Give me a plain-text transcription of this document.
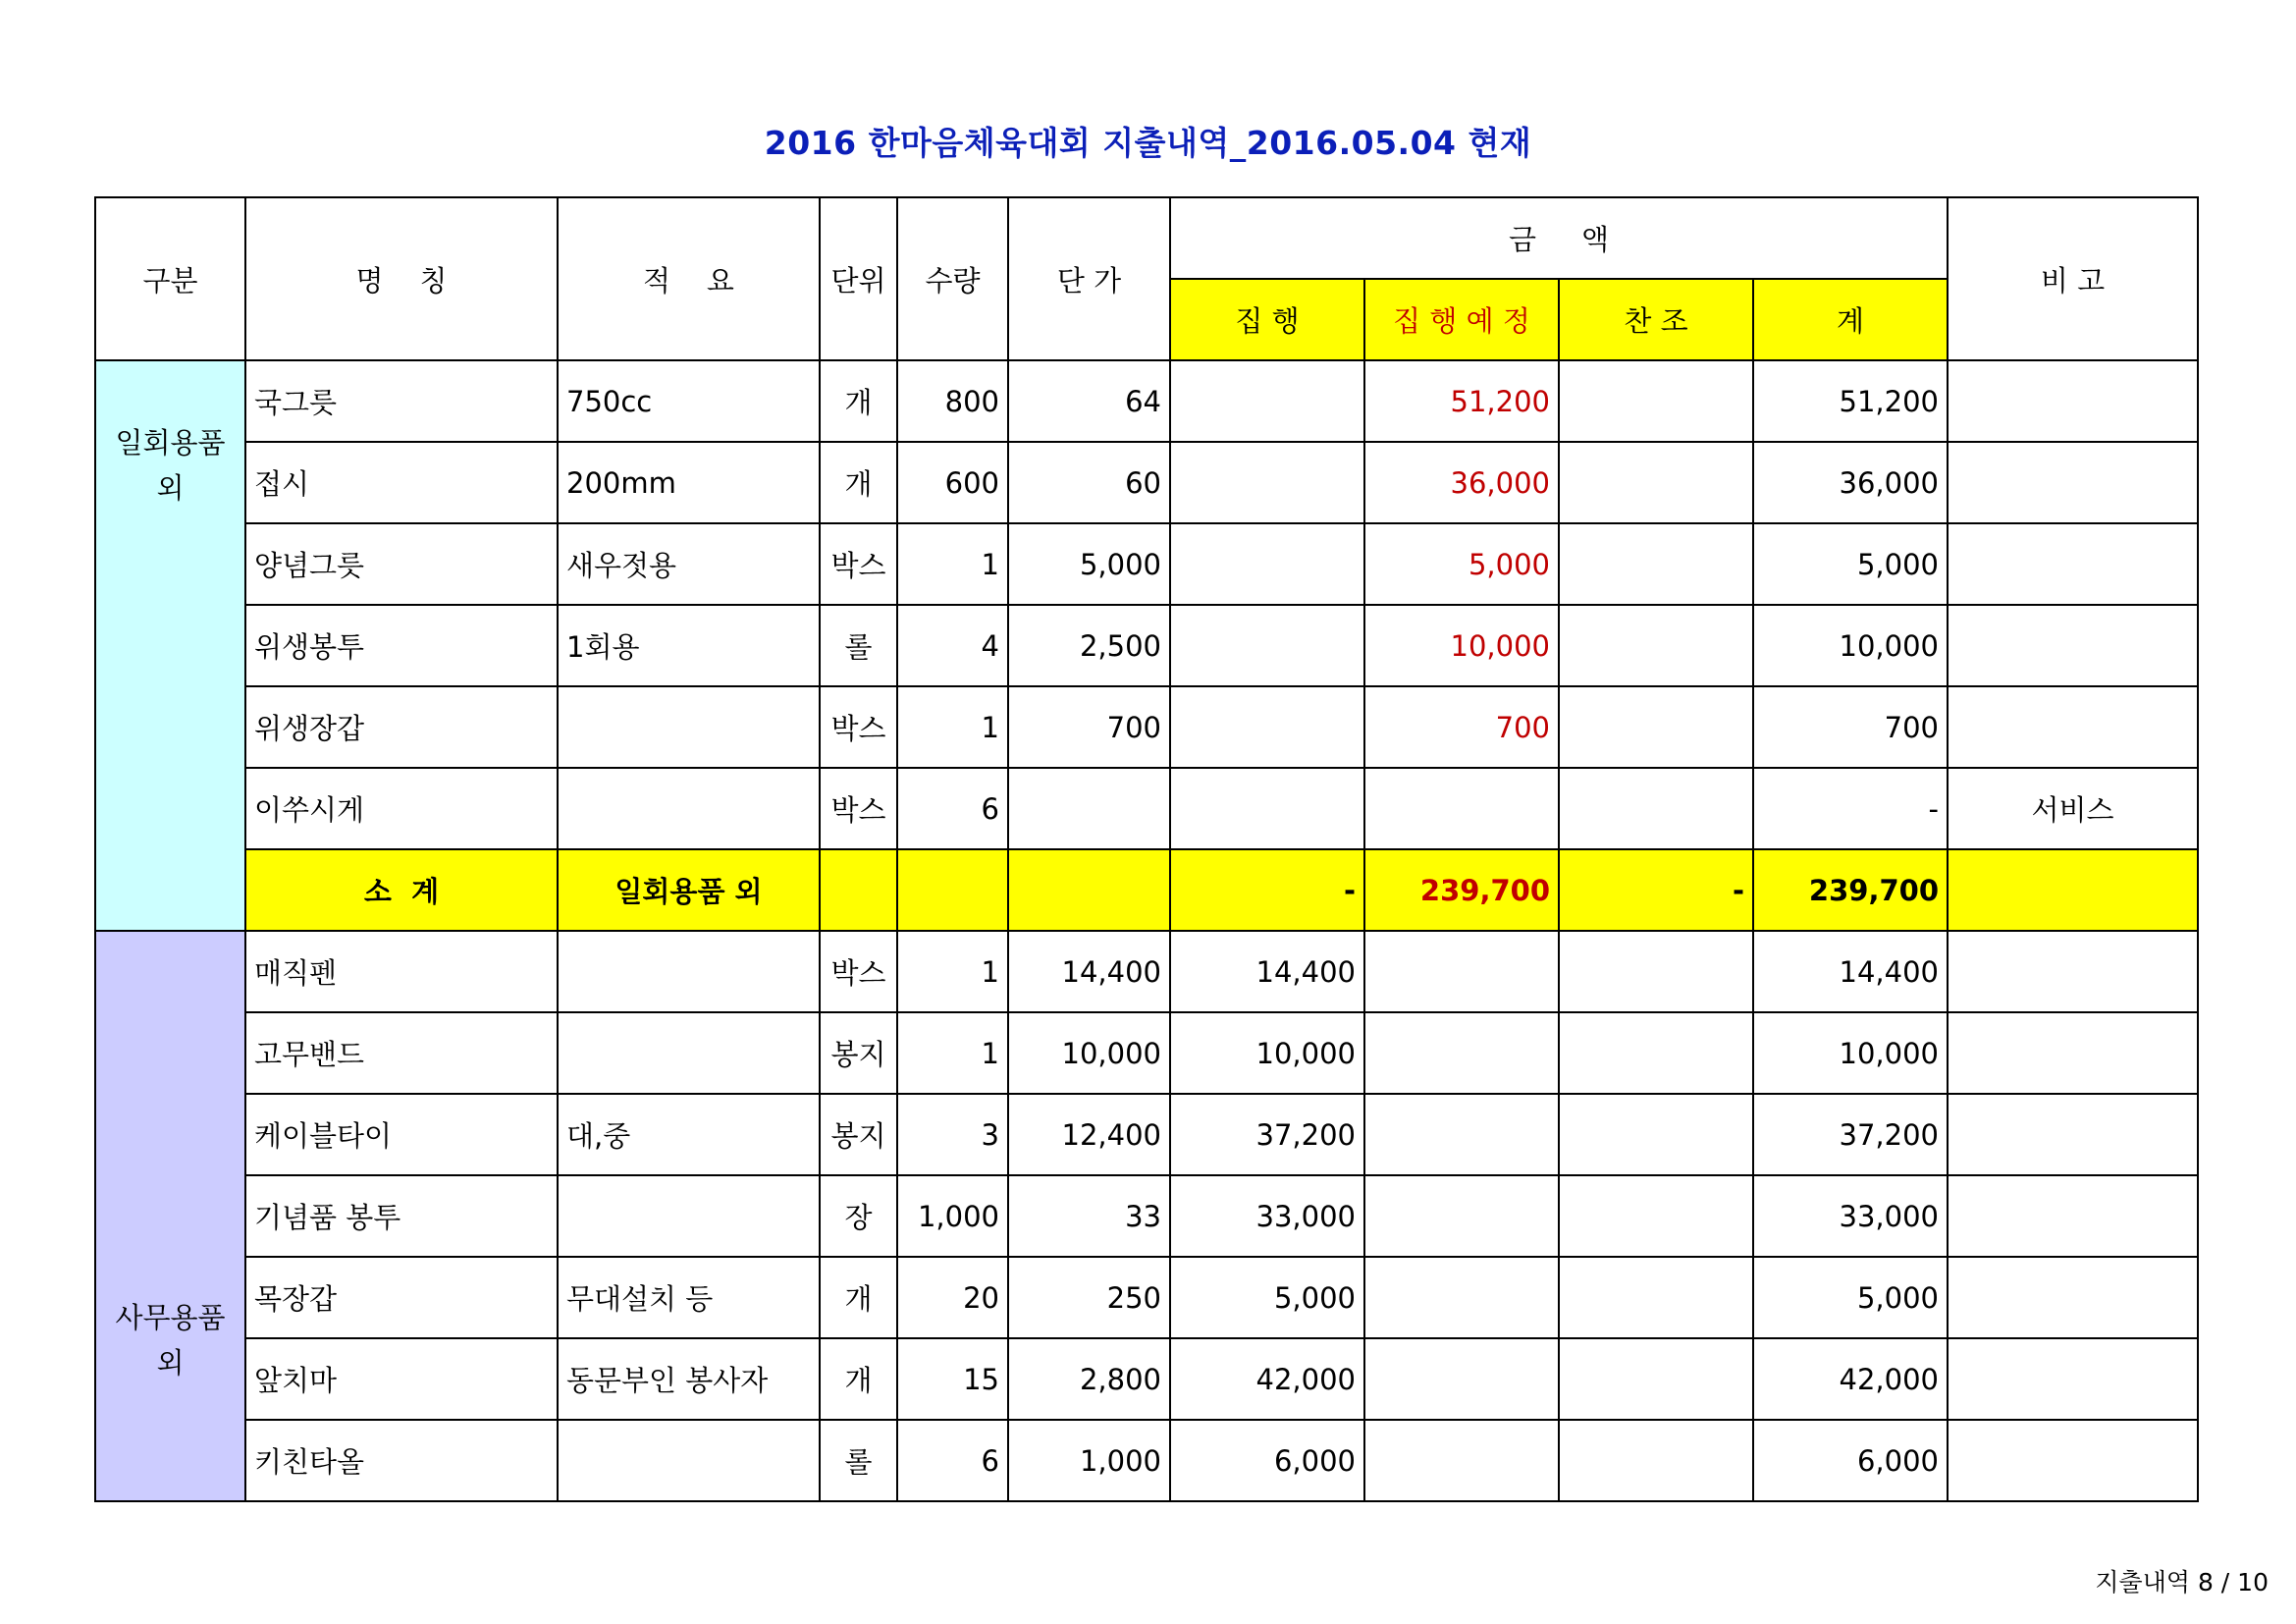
2016 한마음체육대회 지출내역_2016.05.04 현재
구분	명    칭	적    요	단위	수량	단 가	금     액				비 고
						집 행	집 행 예 정	찬 조	계	
일회용품 외	국그릇	750cc	개	800	64		51,200		51,200	
	접시	200mm	개	600	60		36,000		36,000	
	양념그릇	새우젓용	박스	1	5,000		5,000		5,000	
	위생봉투	1회용	롤	4	2,500		10,000		10,000	
	위생장갑		박스	1	700		700		700	
	이쑤시게		박스	6					-	서비스
	소  계	일회용품 외				-	239,700	-	239,700	
사무용품 외	매직펜		박스	1	14,400	14,400			14,400	
	고무밴드		봉지	1	10,000	10,000			10,000	
	케이블타이	대,중	봉지	3	12,400	37,200			37,200	
	기념품 봉투		장	1,000	33	33,000			33,000	
	목장갑	무대설치 등	개	20	250	5,000			5,000	
	앞치마	동문부인 봉사자	개	15	2,800	42,000			42,000	
	키친타올		롤	6	1,000	6,000			6,000	
지출내역 8 / 10
